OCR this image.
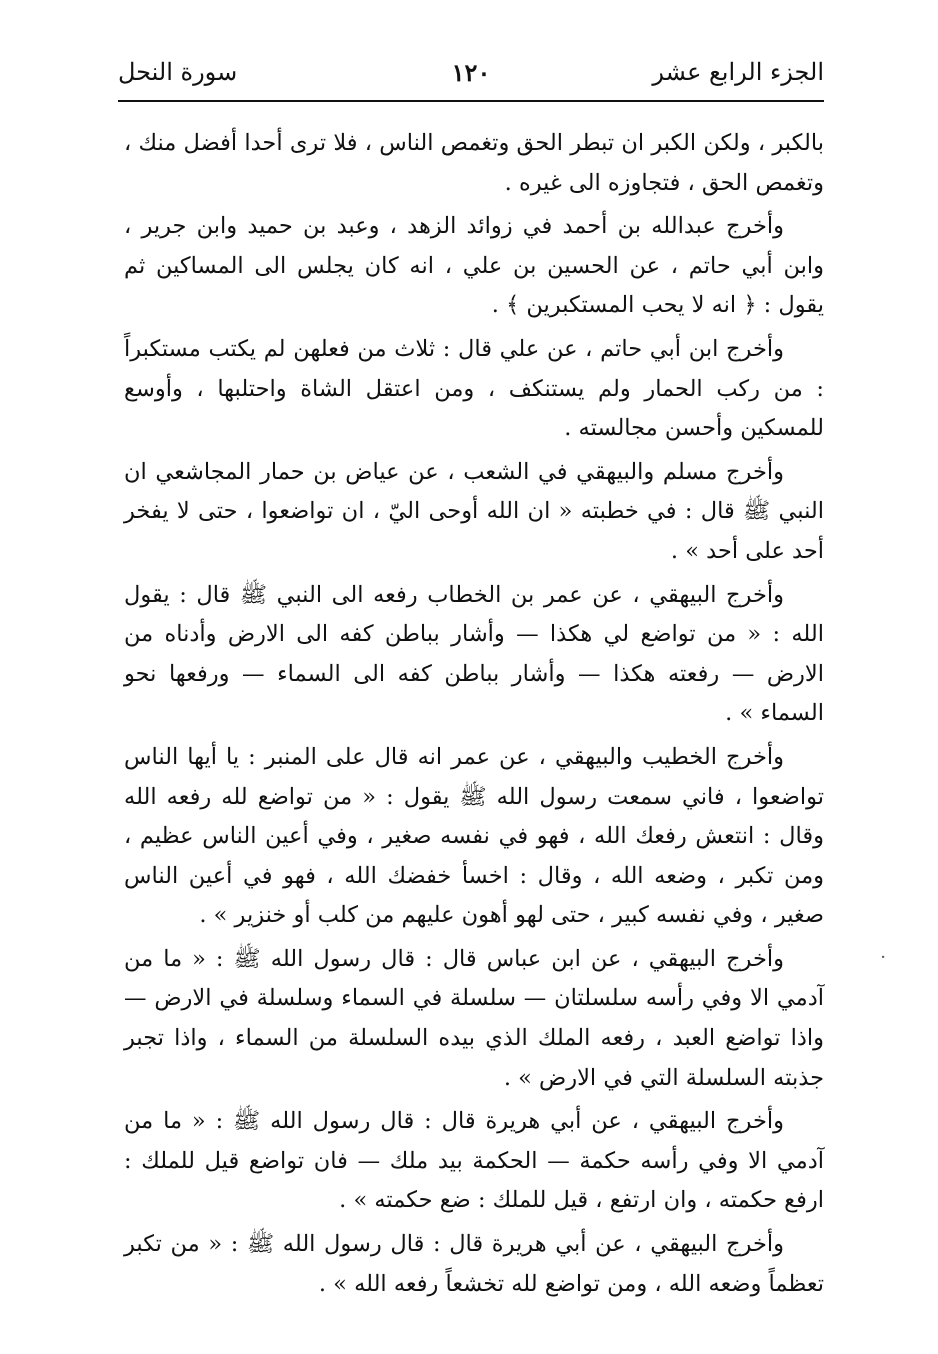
الجزء الرابع عشر
١٢٠
سورة النحل

بالكبر ، ولكن الكبر ان تبطر الحق وتغمص الناس ، فلا ترى أحدا أفضل منك ، وتغمص الحق ، فتجاوزه الى غيره .

وأخرج عبدالله بن أحمد في زوائد الزهد ، وعبد بن حميد وابن جرير ، وابن أبي حاتم ، عن الحسين بن علي ، انه كان يجلس الى المساكين ثم يقول : ﴿ انه لا يحب المستكبرين ﴾ .

وأخرج ابن أبي حاتم ، عن علي قال : ثلاث من فعلهن لم يكتب مستكبراً : من ركب الحمار ولم يستنكف ، ومن اعتقل الشاة واحتلبها ، وأوسع للمسكين وأحسن مجالسته .

وأخرج مسلم والبيهقي في الشعب ، عن عياض بن حمار المجاشعي ان النبي ﷺ قال : في خطبته « ان الله أوحى اليّ ، ان تواضعوا ، حتى لا يفخر أحد على أحد » .

وأخرج البيهقي ، عن عمر بن الخطاب رفعه الى النبي ﷺ قال : يقول الله : « من تواضع لي هكذا — وأشار بباطن كفه الى الارض وأدناه من الارض — رفعته هكذا — وأشار بباطن كفه الى السماء — ورفعها نحو السماء » .

وأخرج الخطيب والبيهقي ، عن عمر انه قال على المنبر : يا أيها الناس تواضعوا ، فاني سمعت رسول الله ﷺ يقول : « من تواضع لله رفعه الله وقال : انتعش رفعك الله ، فهو في نفسه صغير ، وفي أعين الناس عظيم ، ومن تكبر ، وضعه الله ، وقال : اخسأ خفضك الله ، فهو في أعين الناس صغير ، وفي نفسه كبير ، حتى لهو أهون عليهم من كلب أو خنزير » .

وأخرج البيهقي ، عن ابن عباس قال : قال رسول الله ﷺ : « ما من آدمي الا وفي رأسه سلسلتان — سلسلة في السماء وسلسلة في الارض — واذا تواضع العبد ، رفعه الملك الذي بيده السلسلة من السماء ، واذا تجبر جذبته السلسلة التي في الارض » .

وأخرج البيهقي ، عن أبي هريرة قال : قال رسول الله ﷺ : « ما من آدمي الا وفي رأسه حكمة — الحكمة بيد ملك — فان تواضع قيل للملك : ارفع حكمته ، وان ارتفع ، قيل للملك : ضع حكمته » .

وأخرج البيهقي ، عن أبي هريرة قال : قال رسول الله ﷺ : « من تكبر تعظماً وضعه الله ، ومن تواضع لله تخشعاً رفعه الله » .

·
